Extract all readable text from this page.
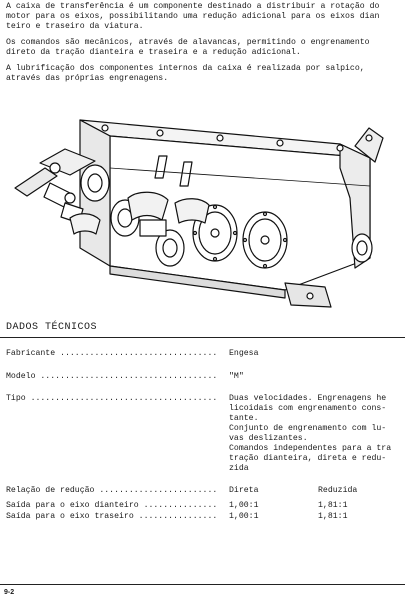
A caixa de transferência é um componente destinado a distribuir a rotação do
motor para os eixos, possibilitando uma redução adicional para os eixos dian
teiro e traseiro da viatura.
Os comandos são mecânicos, através de alavancas, permitindo o engrenamento
direto da tração dianteira e traseira e a redução adicional.
A lubrificação dos componentes internos da caixa é realizada por salpico,
através das próprias engrenagens.
DADOS TÉCNICOS
Fabricante ................................ Engesa
Modelo .................................... "M"
Tipo ...................................... Duas velocidades. Engrenagens he
licoidais com engrenamento cons-
tante.
Conjunto de engrenamento com lu-
vas deslizantes.
Comandos independentes para a tra
tração dianteira, direta e redu-
zida
Relação de redução ........................ Direta	Reduzida
Saída para o eixo dianteiro ............... 1,00:1	1,81:1
Saída para o eixo traseiro ................ 1,00:1	1,81:1
9-2
